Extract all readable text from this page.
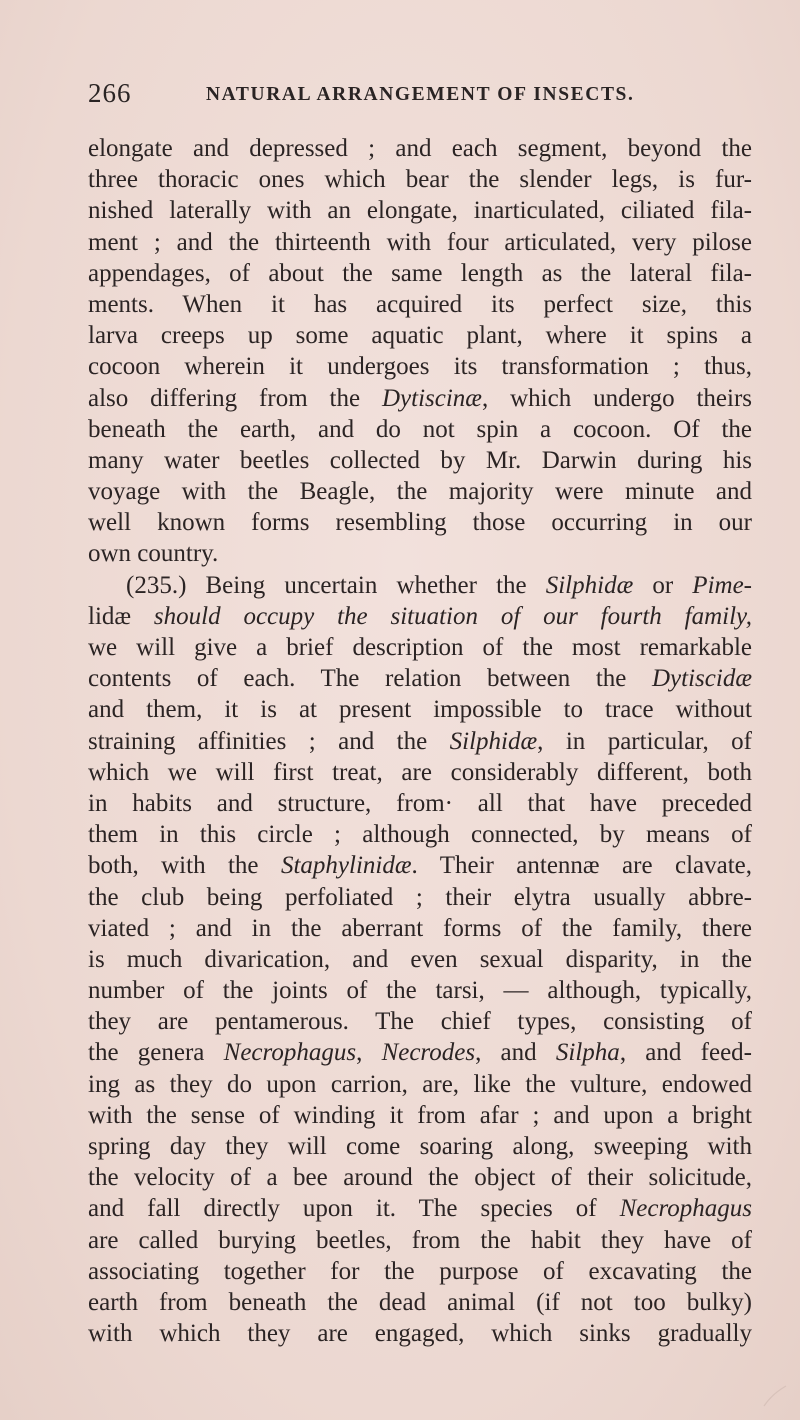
266	NATURAL ARRANGEMENT OF INSECTS.
elongate and depressed ; and each segment, beyond the
three thoracic ones which bear the slender legs, is fur-
nished laterally with an elongate, inarticulated, ciliated fila-
ment ; and the thirteenth with four articulated, very pilose
appendages, of about the same length as the lateral fila-
ments. When it has acquired its perfect size, this
larva creeps up some aquatic plant, where it spins a
cocoon wherein it undergoes its transformation ; thus,
also differing from the Dytiscinæ, which undergo theirs
beneath the earth, and do not spin a cocoon. Of the
many water beetles collected by Mr. Darwin during his
voyage with the Beagle, the majority were minute and
well known forms resembling those occurring in our
own country.
(235.) Being uncertain whether the Silphidæ or Pime-
lidæ should occupy the situation of our fourth family,
we will give a brief description of the most remarkable
contents of each. The relation between the Dytiscidæ
and them, it is at present impossible to trace without
straining affinities ; and the Silphidæ, in particular, of
which we will first treat, are considerably different, both
in habits and structure, from· all that have preceded
them in this circle ; although connected, by means of
both, with the Staphylinidæ. Their antennæ are clavate,
the club being perfoliated ; their elytra usually abbre-
viated ; and in the aberrant forms of the family, there
is much divarication, and even sexual disparity, in the
number of the joints of the tarsi, — although, typically,
they are pentamerous. The chief types, consisting of
the genera Necrophagus, Necrodes, and Silpha, and feed-
ing as they do upon carrion, are, like the vulture, endowed
with the sense of winding it from afar ; and upon a bright
spring day they will come soaring along, sweeping with
the velocity of a bee around the object of their solicitude,
and fall directly upon it. The species of Necrophagus
are called burying beetles, from the habit they have of
associating together for the purpose of excavating the
earth from beneath the dead animal (if not too bulky)
with which they are engaged, which sinks gradually
